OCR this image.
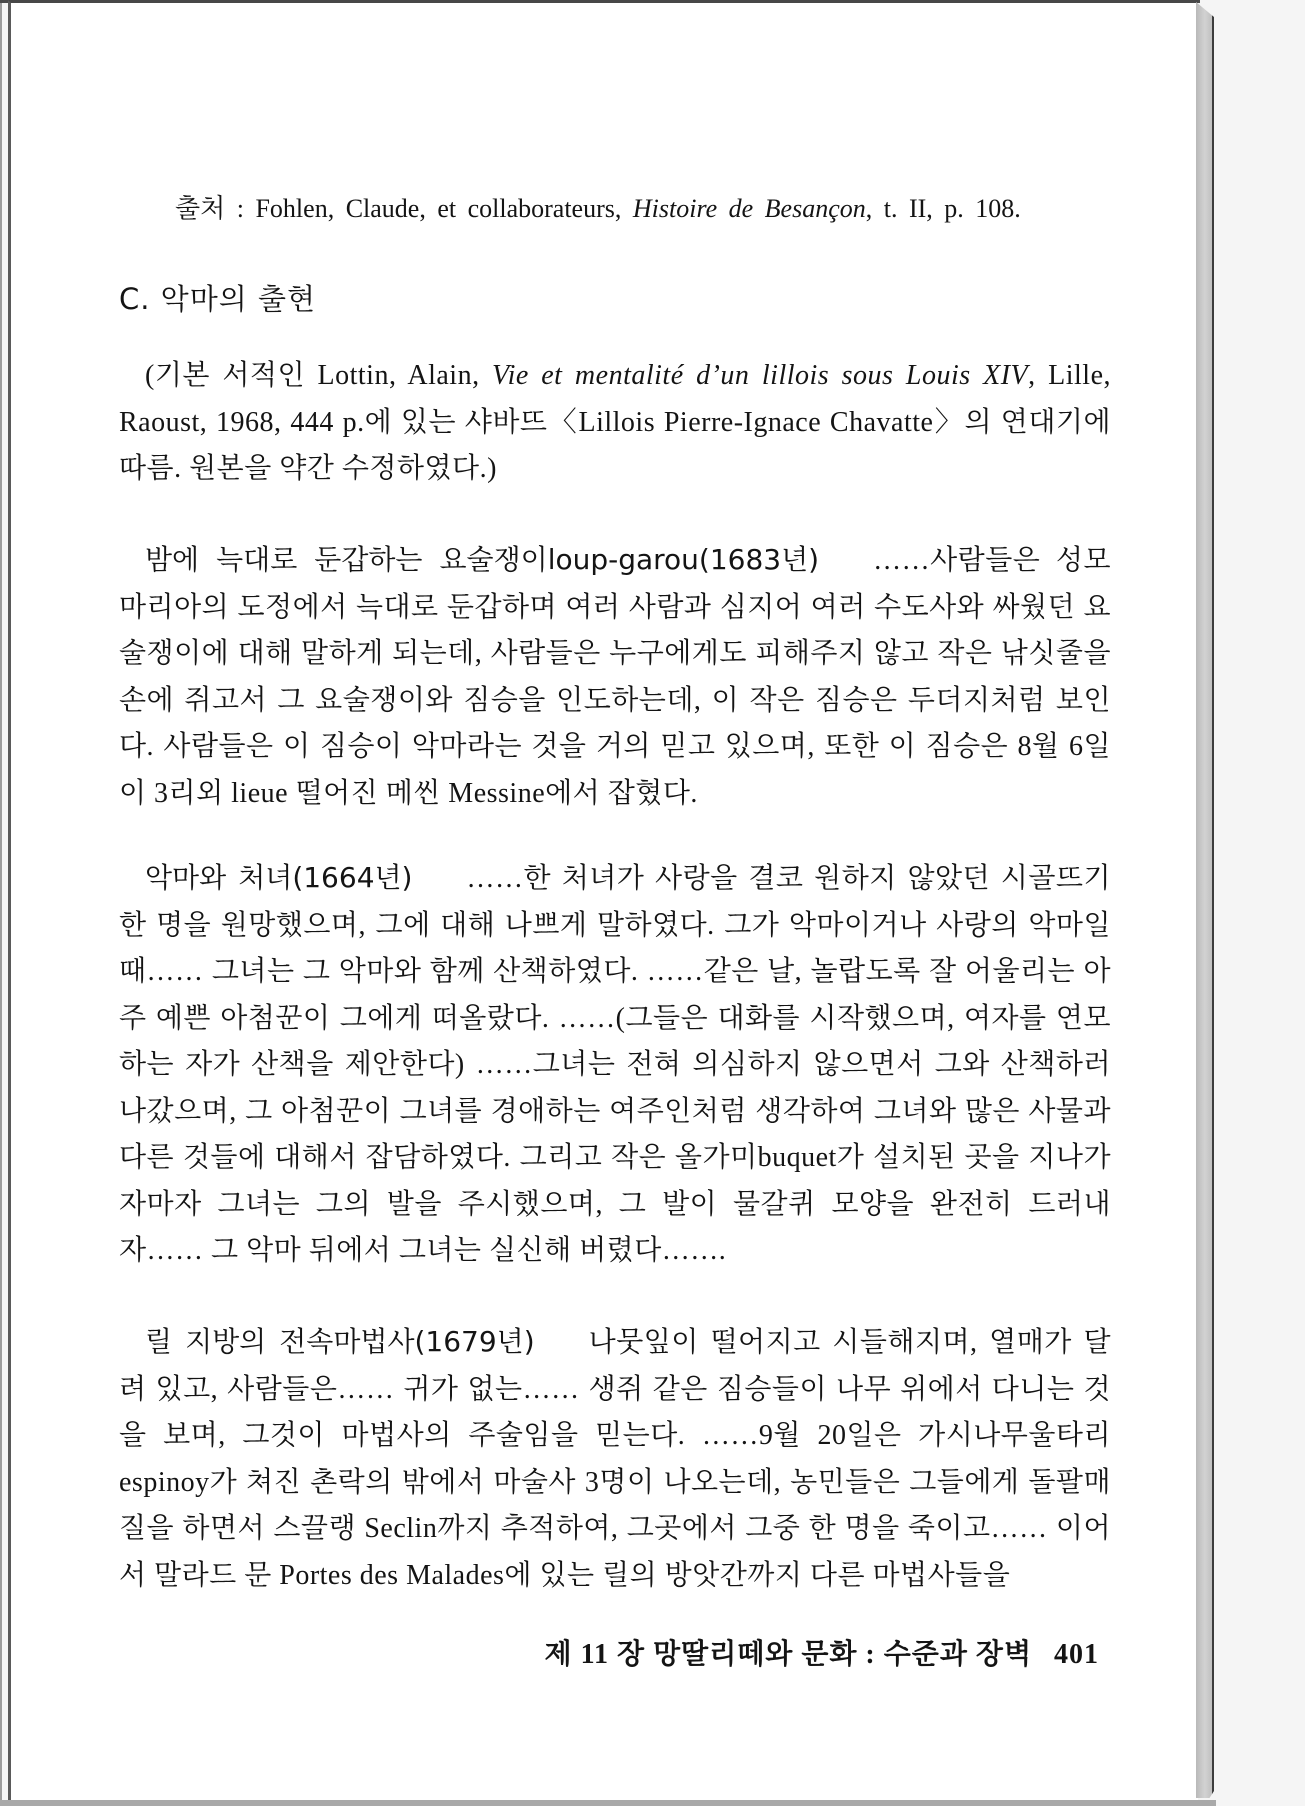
출처 : Fohlen, Claude, et collaborateurs, Histoire de Besançon, t. II, p. 108.

C. 악마의 출현

(기본 서적인 Lottin, Alain, Vie et mentalité d’un lillois sous Louis XIV, Lille, Raoust, 1968, 444 p.에 있는 샤바뜨〈Lillois Pierre-Ignace Chavatte〉의 연대기에 따름. 원본을 약간 수정하였다.)

밤에 늑대로 둔갑하는 요술쟁이loup-garou(1683년) ……사람들은 성모 마리아의 도정에서 늑대로 둔갑하며 여러 사람과 심지어 여러 수도사와 싸웠던 요술쟁이에 대해 말하게 되는데, 사람들은 누구에게도 피해주지 않고 작은 낚싯줄을 손에 쥐고서 그 요술쟁이와 짐승을 인도하는데, 이 작은 짐승은 두더지처럼 보인다. 사람들은 이 짐승이 악마라는 것을 거의 믿고 있으며, 또한 이 짐승은 8월 6일이 3리외 lieue 떨어진 메씬 Messine에서 잡혔다.

악마와 처녀(1664년) ……한 처녀가 사랑을 결코 원하지 않았던 시골뜨기 한 명을 원망했으며, 그에 대해 나쁘게 말하였다. 그가 악마이거나 사랑의 악마일 때…… 그녀는 그 악마와 함께 산책하였다. ……같은 날, 놀랍도록 잘 어울리는 아주 예쁜 아첨꾼이 그에게 떠올랐다. ……(그들은 대화를 시작했으며, 여자를 연모하는 자가 산책을 제안한다) ……그녀는 전혀 의심하지 않으면서 그와 산책하러 나갔으며, 그 아첨꾼이 그녀를 경애하는 여주인처럼 생각하여 그녀와 많은 사물과 다른 것들에 대해서 잡담하였다. 그리고 작은 올가미buquet가 설치된 곳을 지나가자마자 그녀는 그의 발을 주시했으며, 그 발이 물갈퀴 모양을 완전히 드러내자…… 그 악마 뒤에서 그녀는 실신해 버렸다…….

릴 지방의 전속마법사(1679년) 나뭇잎이 떨어지고 시들해지며, 열매가 달려 있고, 사람들은…… 귀가 없는…… 생쥐 같은 짐승들이 나무 위에서 다니는 것을 보며, 그것이 마법사의 주술임을 믿는다. ……9월 20일은 가시나무울타리 espinoy가 쳐진 촌락의 밖에서 마술사 3명이 나오는데, 농민들은 그들에게 돌팔매질을 하면서 스끌랭 Seclin까지 추적하여, 그곳에서 그중 한 명을 죽이고…… 이어서 말라드 문 Portes des Malades에 있는 릴의 방앗간까지 다른 마법사들을

제 11 장 망딸리떼와 문화 : 수준과 장벽 401
